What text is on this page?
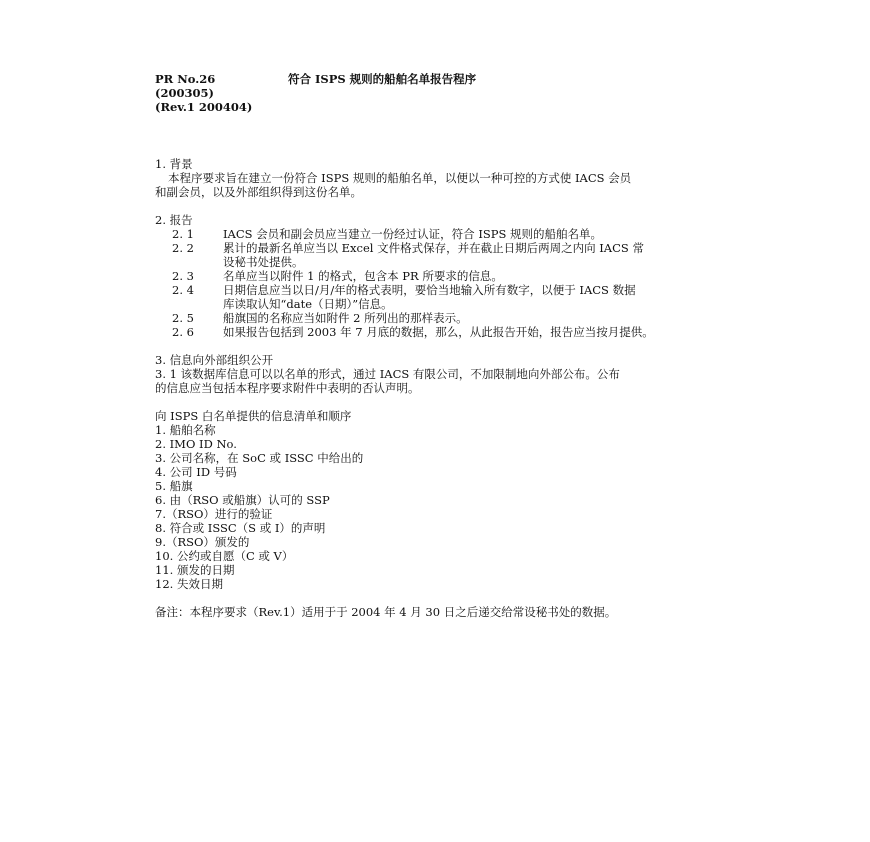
PR No.26	符合 ISPS 规则的船舶名单报告程序
(200305)
(Rev.1 200404)
1. 背景
本程序要求旨在建立一份符合 ISPS 规则的船舶名单，以便以一种可控的方式使 IACS 会员
和副会员，以及外部组织得到这份名单。
2. 报告
2. 1	IACS 会员和副会员应当建立一份经过认证，符合 ISPS 规则的船舶名单。
2. 2	累计的最新名单应当以 Excel 文件格式保存，并在截止日期后两周之内向 IACS 常
设秘书处提供。
2. 3	名单应当以附件 1 的格式，包含本 PR 所要求的信息。
2. 4	日期信息应当以日/月/年的格式表明，要恰当地输入所有数字，以便于 IACS 数据
库读取认知“date（日期）”信息。
2. 5	船旗国的名称应当如附件 2 所列出的那样表示。
2. 6	如果报告包括到 2003 年 7 月底的数据，那么，从此报告开始，报告应当按月提供。
3. 信息向外部组织公开
3. 1 该数据库信息可以以名单的形式，通过 IACS 有限公司，不加限制地向外部公布。公布
的信息应当包括本程序要求附件中表明的否认声明。
向 ISPS 白名单提供的信息清单和顺序
1. 船舶名称
2. IMO ID No.
3. 公司名称，在 SoC 或 ISSC 中给出的
4. 公司 ID 号码
5. 船旗
6. 由（RSO 或船旗）认可的 SSP
7.（RSO）进行的验证
8. 符合或 ISSC（S 或 I）的声明
9.（RSO）颁发的
10. 公约或自愿（C 或 V）
11. 颁发的日期
12. 失效日期
备注：本程序要求（Rev.1）适用于于 2004 年 4 月 30 日之后递交给常设秘书处的数据。
